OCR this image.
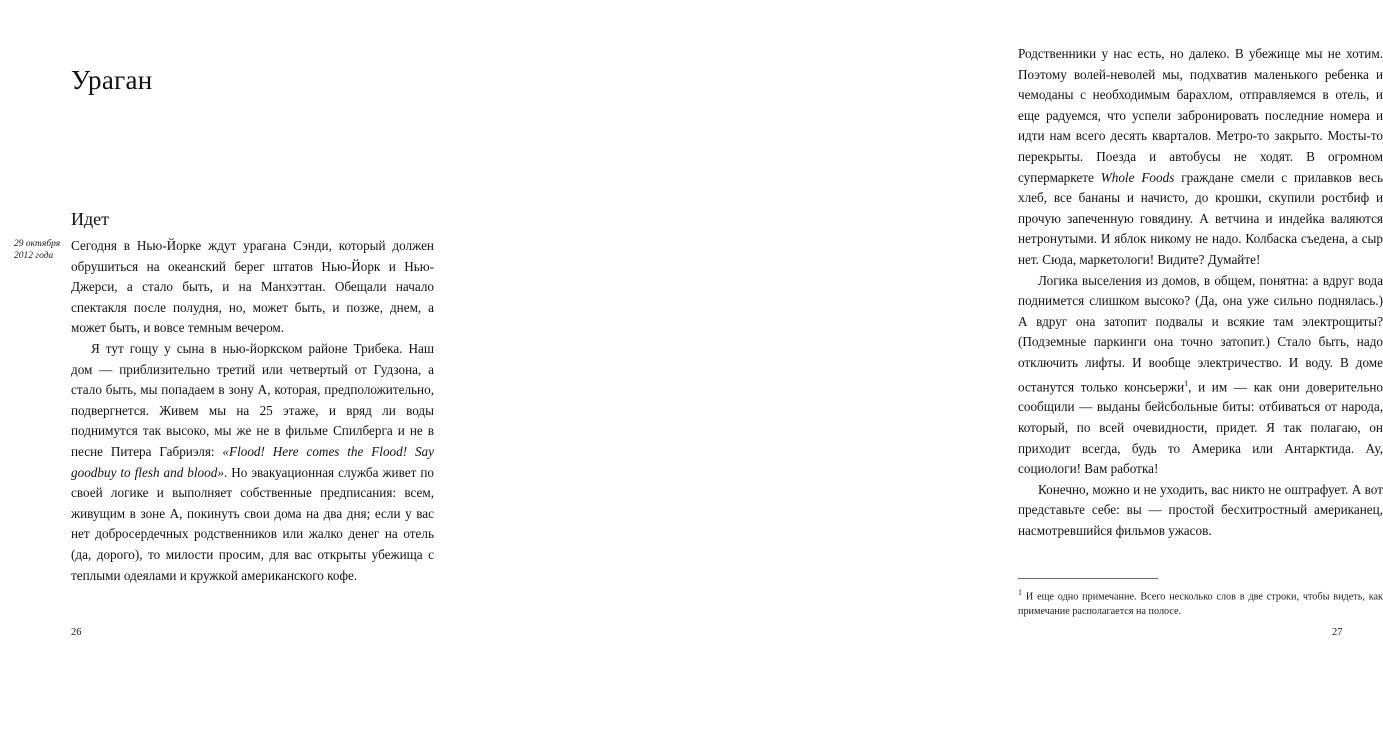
Ураган
Идет
29 октября 2012 года

Сегодня в Нью-Йорке ждут урагана Сэнди, который должен обрушиться на океанский берег штатов Нью-Йорк и Нью-Джерси, а стало быть, и на Манхэттан. Обещали начало спектакля после полудня, но, может быть, и позже, днем, а может быть, и вовсе темным вечером.

Я тут гощу у сына в нью-йоркском районе Трибека. Наш дом — приблизительно третий или четвертый от Гудзона, а стало быть, мы попадаем в зону A, которая, предположительно, подвергнется. Живем мы на 25 этаже, и вряд ли воды поднимутся так высоко, мы же не в фильме Спилберга и не в песне Питера Габриэля: «Flood! Here comes the Flood! Say goodbuy to flesh and blood». Но эвакуационная служба живет по своей логике и выполняет собственные предписания: всем, живущим в зоне A, покинуть свои дома на два дня; если у вас нет добросердечных родственников или жалко денег на отель (да, дорого), то милости просим, для вас открыты убежища с теплыми одеялами и кружкой американского кофе.

26

Родственники у нас есть, но далеко. В убежище мы не хотим. Поэтому волей-неволей мы, подхватив маленького ребенка и чемоданы с необходимым барахлом, отправляемся в отель, и еще радуемся, что успели забронировать последние номера и идти нам всего десять кварталов. Метро-то закрыто. Мосты-то перекрыты. Поезда и автобусы не ходят. В огромном супермаркете Whole Foods граждане смели с прилавков весь хлеб, все бананы и начисто, до крошки, скупили ростбиф и прочую запеченную говядину. А ветчина и индейка валяются нетронутыми. И яблок никому не надо. Колбаска съедена, а сыр нет. Сюда, маркетологи! Видите? Думайте!

Логика выселения из домов, в общем, понятна: а вдруг вода поднимется слишком высоко? (Да, она уже сильно поднялась.) А вдруг она затопит подвалы и всякие там электрощиты? (Подземные паркинги она точно затопит.) Стало быть, надо отключить лифты. И вообще электричество. И воду. В доме останутся только консьержи$^1$, и им — как они доверительно сообщили — выданы бейсбольные биты: отбиваться от народа, который, по всей очевидности, придет. Я так полагаю, он приходит всегда, будь то Америка или Антарктида. Ау, социологи! Вам работка!

Конечно, можно и не уходить, вас никто не оштрафует. А вот представьте себе: вы — простой бесхитростный американец, насмотревшийся фильмов ужасов.

$^1$ И еще одно примечание. Всего несколько слов в две строки, чтобы видеть, как примечание располагается на полосе.
27
